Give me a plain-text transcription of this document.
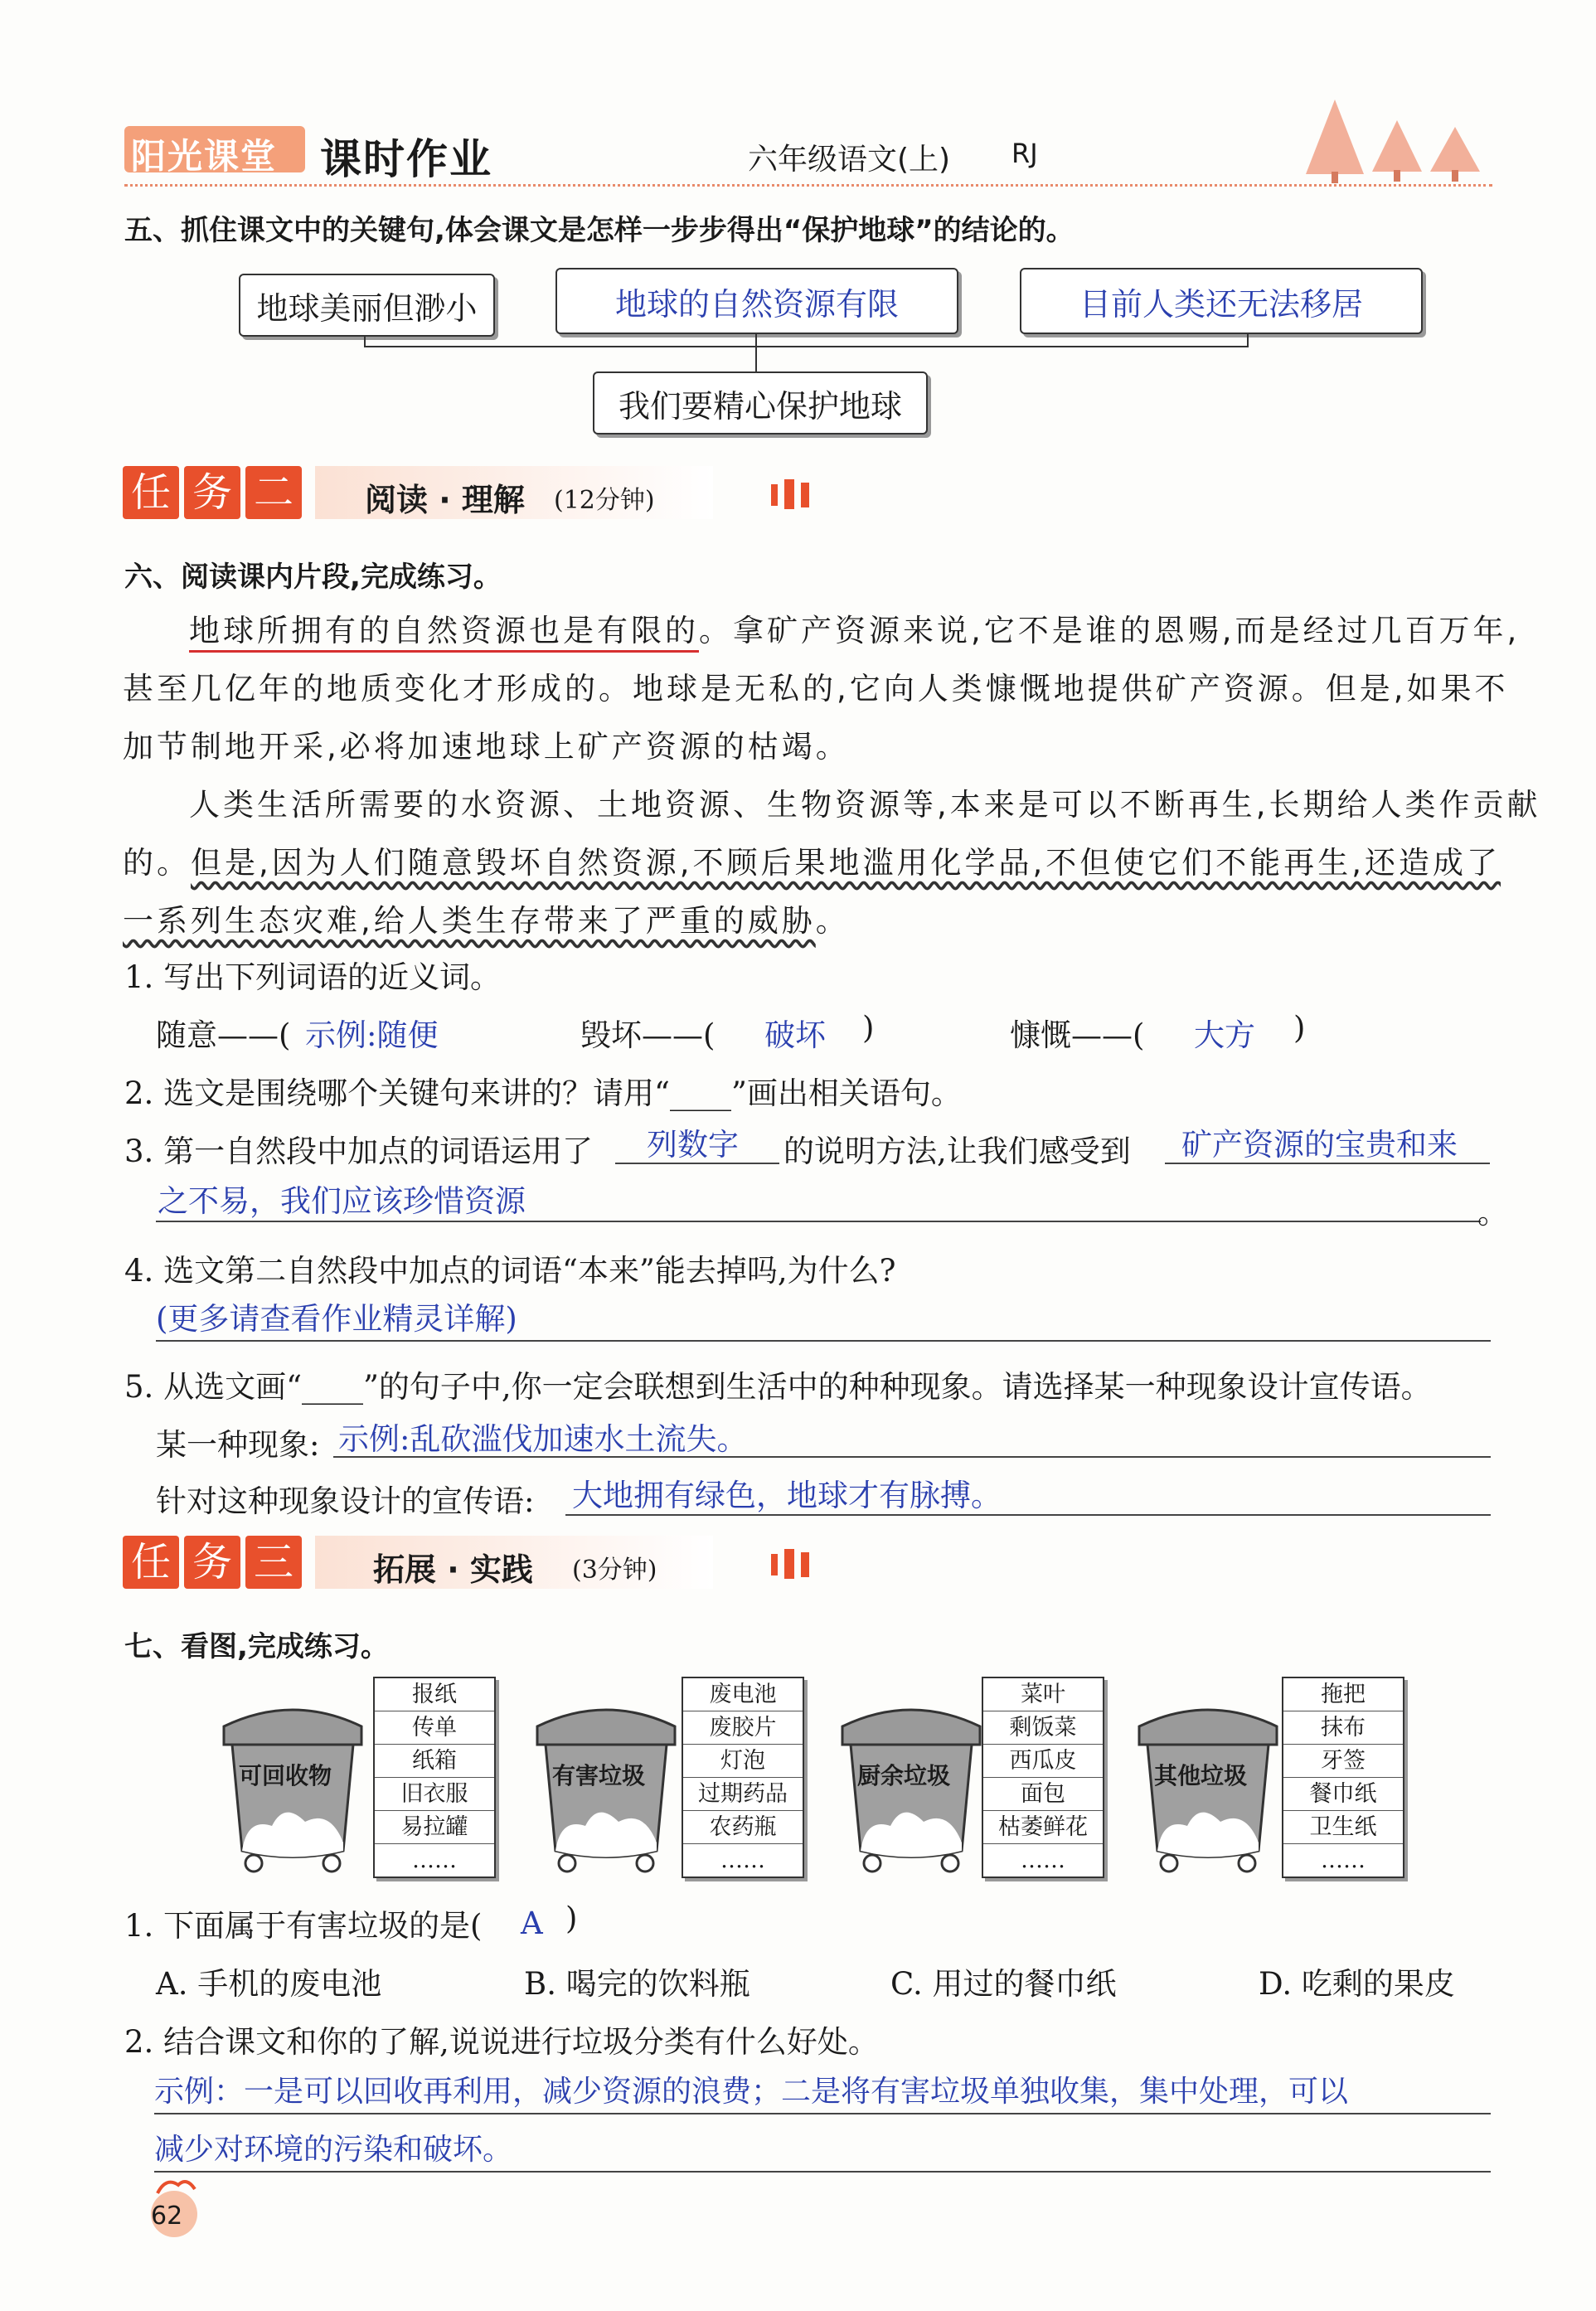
阳光课堂 课时作业	六年级语文(上) RJ
五、抓住课文中的关键句,体会课文是怎样一步步得出“保护地球”的结论的。
地球美丽但渺小	地球的自然资源有限	目前人类还无法移居
我们要精心保护地球
任 务 二 阅读 · 理解 (12分钟)
六、阅读课内片段,完成练习。
地球所拥有的自然资源也是有限的。拿矿产资源来说,它不是谁的恩赐,而是经过几百万年,
甚至几亿年的地质变化才形成的。地球是无私的,它向人类慷慨地提供矿产资源。但是,如果不
加节制地开采,必将加速地球上矿产资源的枯竭。
人类生活所需要的水资源、土地资源、生物资源等,本来是可以不断再生,长期给人类作贡献
的。但是,因为人们随意毁坏自然资源,不顾后果地滥用化学品,不但使它们不能再生,还造成了
一系列生态灾难,给人类生存带来了严重的威胁。
1. 写出下列词语的近义词。
随意——( 示例:随便	毁坏——( 破坏 )	慷慨——( 大方 )
2. 选文是围绕哪个关键句来讲的？请用“____”画出相关语句。
3. 第一自然段中加点的词语运用了 列数字 的说明方法,让我们感受到 矿产资源的宝贵和来
之不易，我们应该珍惜资源	。
4. 选文第二自然段中加点的词语“本来”能去掉吗,为什么?
(更多请查看作业精灵详解)
5. 从选文画“____”的句子中,你一定会联想到生活中的种种现象。请选择某一种现象设计宣传语。
某一种现象: 示例:乱砍滥伐加速水土流失。
针对这种现象设计的宣传语: 大地拥有绿色，地球才有脉搏。
任 务 三	拓展 · 实践 (3分钟)
七、看图,完成练习。
可回收物
报纸
传单
纸箱
旧衣服
易拉罐
……
有害垃圾
废电池
废胶片
灯泡
过期药品
农药瓶
……
厨余垃圾
菜叶
剩饭菜
西瓜皮
面包
枯萎鲜花
……
其他垃圾
拖把
抹布
牙签
餐巾纸
卫生纸
……
1. 下面属于有害垃圾的是( A )
A. 手机的废电池	B. 喝完的饮料瓶	C. 用过的餐巾纸	D. 吃剩的果皮
2. 结合课文和你的了解,说说进行垃圾分类有什么好处。
示例：一是可以回收再利用，减少资源的浪费；二是将有害垃圾单独收集，集中处理，可以
减少对环境的污染和破坏。
62
